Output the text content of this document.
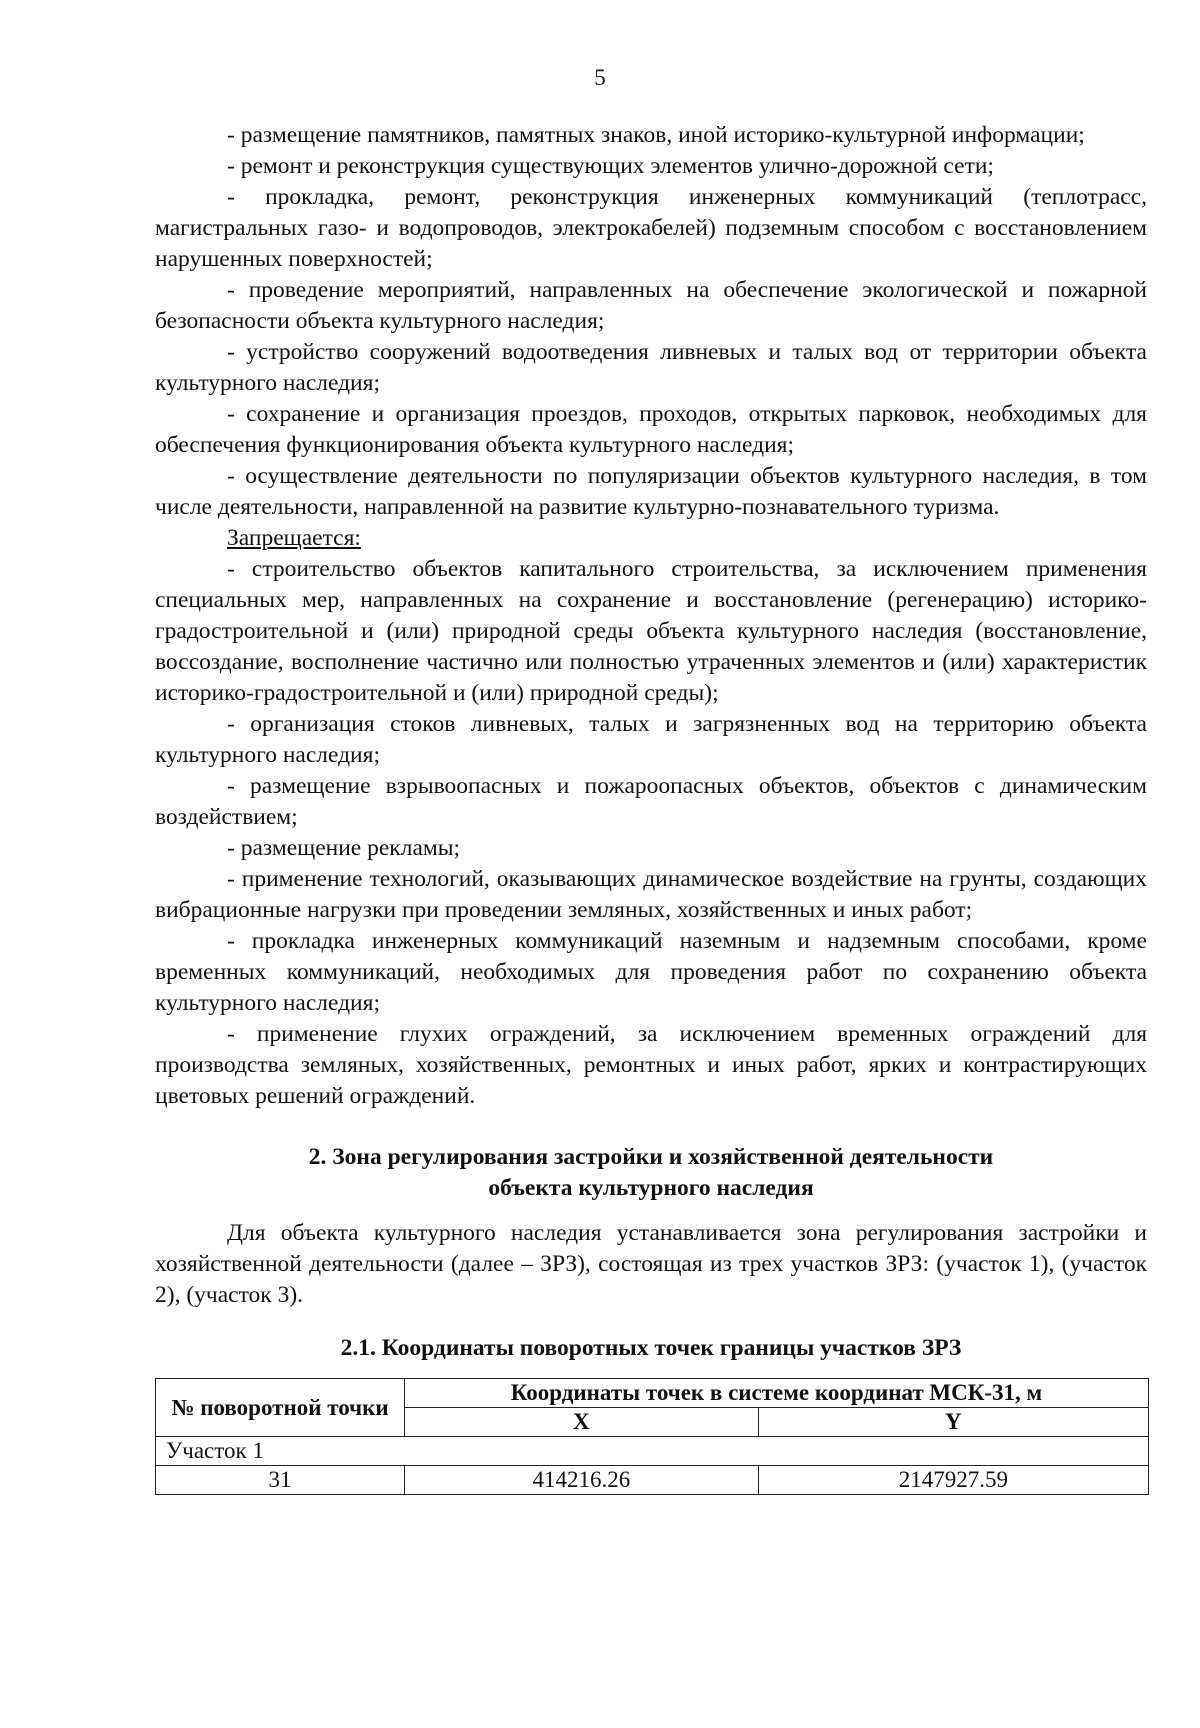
5

- размещение памятников, памятных знаков, иной историко-культурной информации;

- ремонт и реконструкция существующих элементов улично-дорожной сети;

- прокладка, ремонт, реконструкция инженерных коммуникаций (теплотрасс, магистральных газо- и водопроводов, электрокабелей) подземным способом с восстановлением нарушенных поверхностей;

- проведение мероприятий, направленных на обеспечение экологической и пожарной безопасности объекта культурного наследия;

- устройство сооружений водоотведения ливневых и талых вод от территории объекта культурного наследия;

- сохранение и организация проездов, проходов, открытых парковок, необходимых для обеспечения функционирования объекта культурного наследия;

- осуществление деятельности по популяризации объектов культурного наследия, в том числе деятельности, направленной на развитие культурно-познавательного туризма.

Запрещается:

- строительство объектов капитального строительства, за исключением применения специальных мер, направленных на сохранение и восстановление (регенерацию) историко-градостроительной и (или) природной среды объекта культурного наследия (восстановление, воссоздание, восполнение частично или полностью утраченных элементов и (или) характеристик историко-градостроительной и (или) природной среды);

- организация стоков ливневых, талых и загрязненных вод на территорию объекта культурного наследия;

- размещение взрывоопасных и пожароопасных объектов, объектов с динамическим воздействием;

- размещение рекламы;

- применение технологий, оказывающих динамическое воздействие на грунты, создающих вибрационные нагрузки при проведении земляных, хозяйственных и иных работ;

- прокладка инженерных коммуникаций наземным и надземным способами, кроме временных коммуникаций, необходимых для проведения работ по сохранению объекта культурного наследия;

- применение глухих ограждений, за исключением временных ограждений для производства земляных, хозяйственных, ремонтных и иных работ, ярких и контрастирующих цветовых решений ограждений.

2. Зона регулирования застройки и хозяйственной деятельности
объекта культурного наследия

Для объекта культурного наследия устанавливается зона регулирования застройки и хозяйственной деятельности (далее – ЗРЗ), состоящая из трех участков ЗРЗ: (участок 1), (участок 2), (участок 3).

2.1. Координаты поворотных точек границы участков ЗРЗ
№ поворотной точки	Координаты точек в системе координат МСК-31, м	
	X	Y
Участок 1		
31	414216.26	2147927.59
